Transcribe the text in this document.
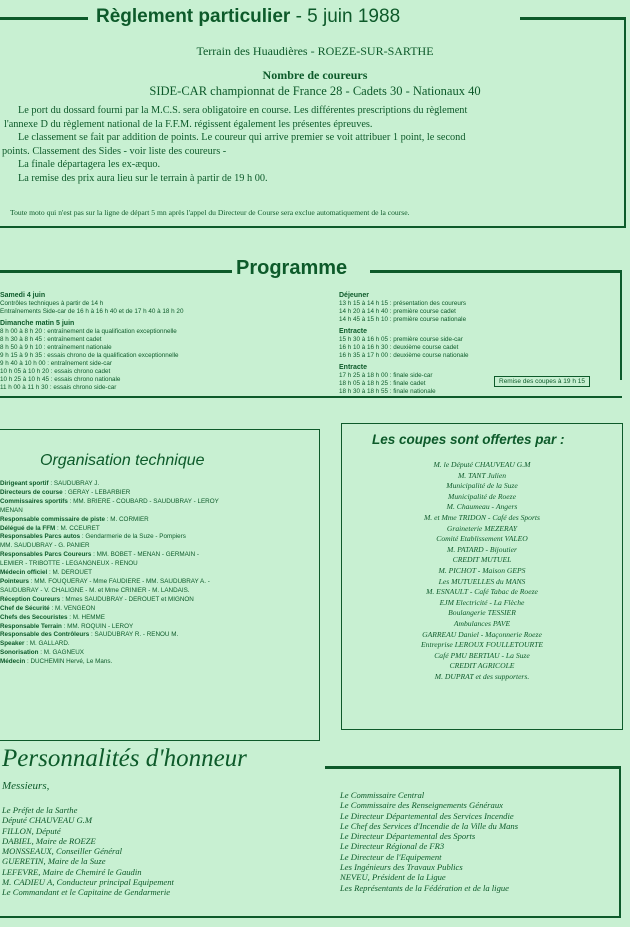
Règlement particulier - 5 juin 1988
Terrain des Huaudières - ROEZE-SUR-SARTHE
Nombre de coureurs
SIDE-CAR championnat de France 28 - Cadets 30 - Nationaux 40
Le port du dossard fourni par la M.C.S. sera obligatoire en course. Les différentes prescriptions du règlement
l'annexe D du règlement national de la F.F.M. régissent également les présentes épreuves.
Le classement se fait par addition de points. Le coureur qui arrive premier se voit attribuer 1 point, le second
points. Classement des Sides - voir liste des coureurs -
La finale départagera les ex-æquo.
La remise des prix aura lieu sur le terrain à partir de 19 h 00.
Toute moto qui n'est pas sur la ligne de départ 5 mn après l'appel du Directeur de Course sera exclue automatiquement de la course.
Programme
Samedi 4 juin
Contrôles techniques à partir de 14 h
Entraînements Side-car de 16 h à 16 h 40 et de 17 h 40 à 18 h 20
Dimanche matin 5 juin
8 h 00 à 8 h 20 : entraînement de la qualification exceptionnelle
8 h 30 à 8 h 45 : entraînement cadet
8 h 50 à 9 h 10 : entraînement nationale
9 h 15 à 9 h 35 : essais chrono de la qualification exceptionnelle
9 h 40 à 10 h 00 : entraînement side-car
10 h 05 à 10 h 20 : essais chrono cadet
10 h 25 à 10 h 45 : essais chrono nationale
11 h 00 à 11 h 30 : essais chrono side-car
Déjeuner
13 h 15 à 14 h 15 : présentation des coureurs
14 h 20 à 14 h 40 : première course cadet
14 h 45 à 15 h 10 : première course nationale
Entracte
15 h 30 à 16 h 05 : première course side-car
16 h 10 à 16 h 30 : deuxième course cadet
16 h 35 à 17 h 00 : deuxième course nationale
Entracte
17 h 25 à 18 h 00 : finale side-car
18 h 05 à 18 h 25 : finale cadet
18 h 30 à 18 h 55 : finale nationale
Remise des coupes à 19 h 15
Organisation technique
Dirigeant sportif : SAUDUBRAY J.
Directeurs de course : GERAY - LEBARBIER
Commissaires sportifs : MM. BRIERE - COUBARD - SAUDUBRAY - LEROY
MENAN
Responsable commissaire de piste : M. CORMIER
Délégué de la FFM : M. CCEURET
Responsables Parcs autos : Gendarmerie de la Suze - Pompiers
MM. SAUDUBRAY - G. PANIER
Responsables Parcs Coureurs : MM. BOBET - MENAN - GERMAIN -
LEMIER - TRIBOTTE - LEGANGNEUX - RENOU
Médecin officiel : M. DEROUET
Pointeurs : MM. FOUQUERAY - Mme FAUDIERE - MM. SAUDUBRAY A. -
SAUDUBRAY - V. CHALIGNE - M. et Mme CRINIER - M. LANDAIS.
Réception Coureurs : Mmes SAUDUBRAY - DEROUET et MIGNON
Chef de Sécurité : M. VENGEON
Chefs des Secouristes : M. HEMME
Responsable Terrain : MM. ROQUIN - LEROY
Responsable des Contrôleurs : SAUDUBRAY R. - RENOU M.
Speaker : M. GALLARD.
Sonorisation : M. GAGNEUX
Médecin : DUCHEMIN Hervé, Le Mans.
Les coupes sont offertes par :
M. le Député CHAUVEAU G.M
M. TANT Julien
Municipalité de la Suze
Municipalité de Roeze
M. Chaumeau - Angers
M. et Mme TRIDON - Café des Sports
Graineterie MEZERAY
Comité Etablissement VALEO
M. PATARD - Bijoutier
CREDIT MUTUEL
M. PICHOT - Maison GEPS
Les MUTUELLES du MANS
M. ESNAULT - Café Tabac de Roeze
EJM Electricité - La Flèche
Boulangerie TESSIER
Ambulances PAVE
GARREAU Daniel - Maçonnerie Roeze
Entreprise LEROUX FOULLETOURTE
Café PMU BERTIAU - La Suze
CREDIT AGRICOLE
M. DUPRAT et des supporters.
Personnalités d'honneur
Messieurs,
Le Préfet de la Sarthe
Député CHAUVEAU G.M
FILLON, Député
DABIEL, Maire de ROEZE
MONSSEAUX, Conseiller Général
GUERETIN, Maire de la Suze
LEFEVRE, Maire de Chemiré le Gaudin
M. CADIEU A, Conducteur principal Equipement
Le Commandant et le Capitaine de Gendarmerie
Le Commissaire Central
Le Commissaire des Renseignements Généraux
Le Directeur Départemental des Services Incendie
Le Chef des Services d'Incendie de la Ville du Mans
Le Directeur Départemental des Sports
Le Directeur Régional de FR3
Le Directeur de l'Equipement
Les Ingénieurs des Travaux Publics
NEVEU, Président de la Ligue
Les Représentants de la Fédération et de la ligue
